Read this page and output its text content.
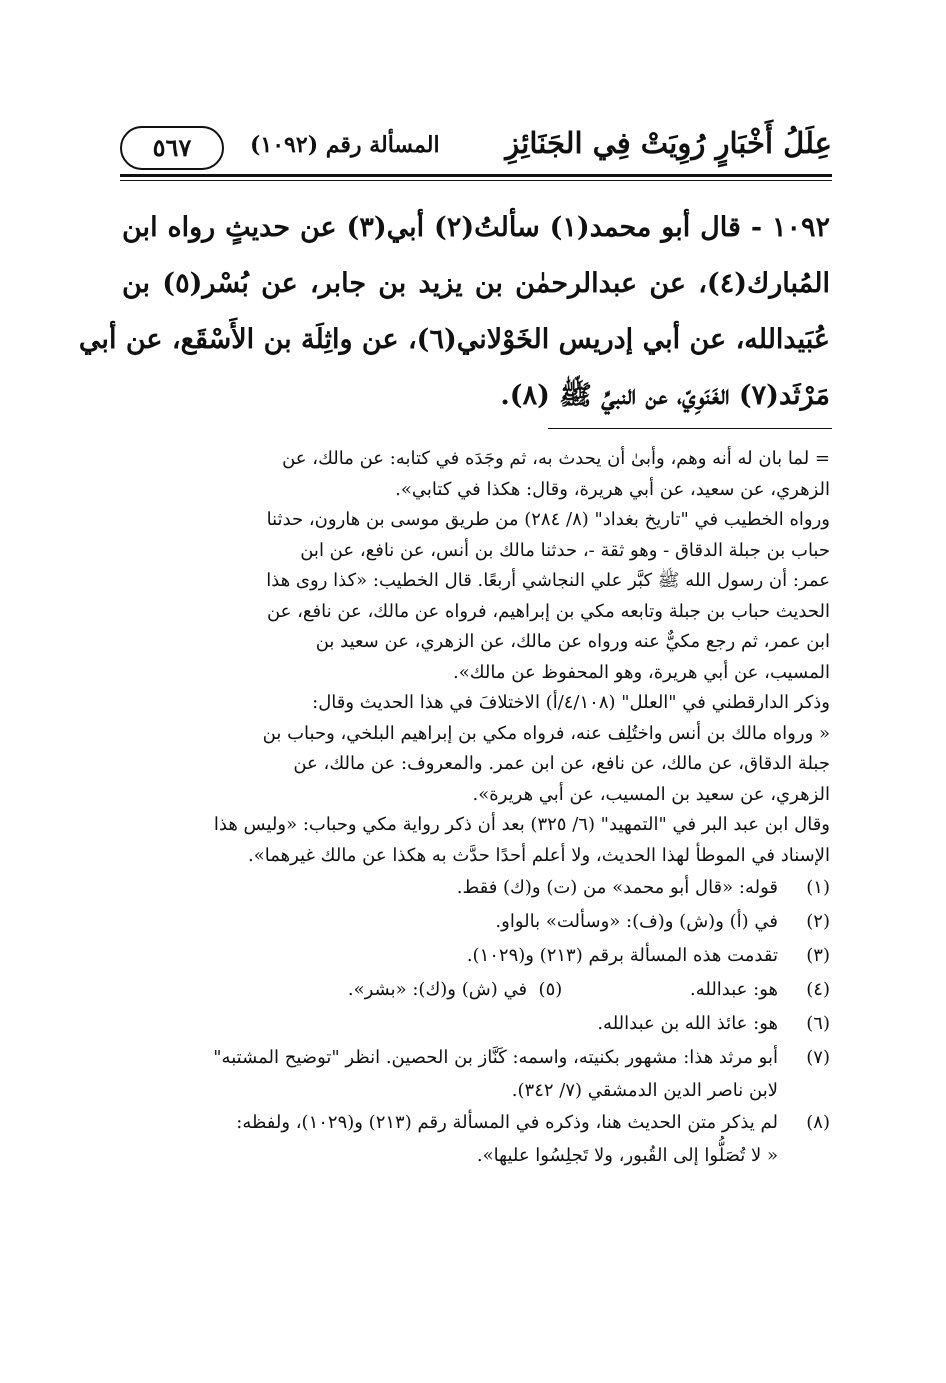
عِلَلُ أَخْبَارٍ رُوِيَتْ فِي الجَنَائِزِ
المسألة رقم (١٠٩٢)
٥٦٧
١٠٩٢ - قال أبو محمد(١) سألتُ(٢) أبي(٣) عن حديثٍ رواه ابن
المُبارك(٤)، عن عبدالرحمٰن بن يزيد بن جابر، عن بُسْر(٥) بن
عُبَيدالله، عن أبي إدريس الخَوْلاني(٦)، عن واثِلَة بن الأَسْقَع، عن أبي
مَرْثَد(٧) الغَنَوِيّ، عن النبيِّ ﷺ (٨).
= لما بان له أنه وهم، وأبىٰ أن يحدث به، ثم وجَدَه في كتابه: عن مالك، عن
الزهري، عن سعيد، عن أبي هريرة، وقال: هكذا في كتابي».
ورواه الخطيب في "تاريخ بغداد" (٨/ ٢٨٤) من طريق موسى بن هارون، حدثنا
حباب بن جبلة الدقاق - وهو ثقة -، حدثنا مالك بن أنس، عن نافع، عن ابن
عمر: أن رسول الله ﷺ كبَّر علي النجاشي أربعًا. قال الخطيب: «كذا روى هذا
الحديث حباب بن جبلة وتابعه مكي بن إبراهيم، فرواه عن مالك، عن نافع، عن
ابن عمر، ثم رجع مكيٌّ عنه ورواه عن مالك، عن الزهري، عن سعيد بن
المسيب، عن أبي هريرة، وهو المحفوظ عن مالك».
وذكر الدارقطني في "العلل" (٤/١٠٨/أ) الاختلافَ في هذا الحديث وقال:
« ورواه مالك بن أنس واختُلِف عنه، فرواه مكي بن إبراهيم البلخي، وحباب بن
جبلة الدقاق، عن مالك، عن نافع، عن ابن عمر. والمعروف: عن مالك، عن
الزهري، عن سعيد بن المسيب، عن أبي هريرة».
وقال ابن عبد البر في "التمهيد" (٦/ ٣٢٥) بعد أن ذكر رواية مكي وحباب: «وليس هذا
الإسناد في الموطأ لهذا الحديث، ولا أعلم أحدًا حدَّث به هكذا عن مالك غيرهما».
(١)
قوله: «قال أبو محمد» من (ت) و(ك) فقط.
(٢)
في (أ) و(ش) و(ف): «وسألت» بالواو.
(٣)
تقدمت هذه المسألة برقم (٢١٣) و(١٠٢٩).
(٤)
هو: عبدالله. (٥)  في (ش) و(ك): «بشر».
(٦)
هو: عائذ الله بن عبدالله.
(٧)
أبو مرثد هذا: مشهور بكنيته، واسمه: كَنَّاز بن الحصين. انظر "توضيح المشتبه"
لابن ناصر الدين الدمشقي (٧/ ٣٤٢).
(٨)
لم يذكر متن الحديث هنا، وذكره في المسألة رقم (٢١٣) و(١٠٢٩)، ولفظه:
« لا تُصَلُّوا إلى القُبور، ولا تَجلِسُوا عليها».
